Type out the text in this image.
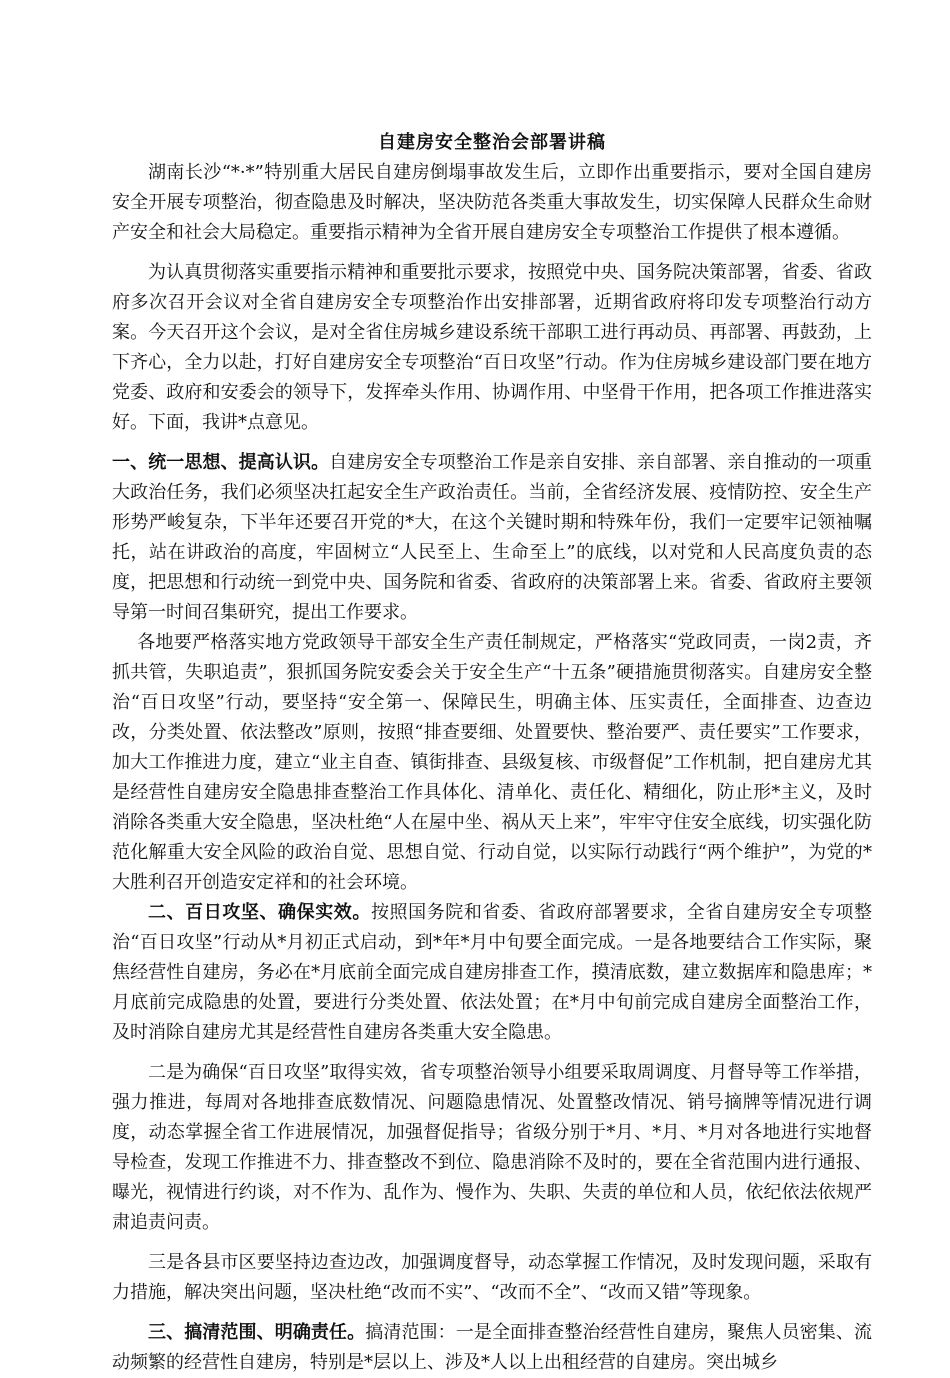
自建房安全整治会部署讲稿

湖南长沙“*·*”特别重大居民自建房倒塌事故发生后，立即作出重要指示，要对全国自建房安全开展专项整治，彻查隐患及时解决，坚决防范各类重大事故发生，切实保障人民群众生命财产安全和社会大局稳定。重要指示精神为全省开展自建房安全专项整治工作提供了根本遵循。

为认真贯彻落实重要指示精神和重要批示要求，按照党中央、国务院决策部署，省委、省政府多次召开会议对全省自建房安全专项整治作出安排部署，近期省政府将印发专项整治行动方案。今天召开这个会议，是对全省住房城乡建设系统干部职工进行再动员、再部署、再鼓劲，上下齐心，全力以赴，打好自建房安全专项整治“百日攻坚”行动。作为住房城乡建设部门要在地方党委、政府和安委会的领导下，发挥牵头作用、协调作用、中坚骨干作用，把各项工作推进落实好。下面，我讲*点意见。

一、统一思想、提高认识。自建房安全专项整治工作是亲自安排、亲自部署、亲自推动的一项重大政治任务，我们必须坚决扛起安全生产政治责任。当前，全省经济发展、疫情防控、安全生产形势严峻复杂，下半年还要召开党的*大，在这个关键时期和特殊年份，我们一定要牢记领袖嘱托，站在讲政治的高度，牢固树立“人民至上、生命至上”的底线，以对党和人民高度负责的态度，把思想和行动统一到党中央、国务院和省委、省政府的决策部署上来。省委、省政府主要领导第一时间召集研究，提出工作要求。

各地要严格落实地方党政领导干部安全生产责任制规定，严格落实“党政同责，一岗2责，齐抓共管，失职追责”，狠抓国务院安委会关于安全生产“十五条”硬措施贯彻落实。自建房安全整治“百日攻坚”行动，要坚持“安全第一、保障民生，明确主体、压实责任，全面排查、边查边改，分类处置、依法整改”原则，按照“排查要细、处置要快、整治要严、责任要实”工作要求，加大工作推进力度，建立“业主自查、镇街排查、县级复核、市级督促”工作机制，把自建房尤其是经营性自建房安全隐患排查整治工作具体化、清单化、责任化、精细化，防止形*主义，及时消除各类重大安全隐患，坚决杜绝“人在屋中坐、祸从天上来”，牢牢守住安全底线，切实强化防范化解重大安全风险的政治自觉、思想自觉、行动自觉，以实际行动践行“两个维护”，为党的*大胜利召开创造安定祥和的社会环境。

二、百日攻坚、确保实效。按照国务院和省委、省政府部署要求，全省自建房安全专项整治“百日攻坚”行动从*月初正式启动，到*年*月中旬要全面完成。一是各地要结合工作实际，聚焦经营性自建房，务必在*月底前全面完成自建房排查工作，摸清底数，建立数据库和隐患库；*月底前完成隐患的处置，要进行分类处置、依法处置；在*月中旬前完成自建房全面整治工作，及时消除自建房尤其是经营性自建房各类重大安全隐患。

二是为确保“百日攻坚”取得实效，省专项整治领导小组要采取周调度、月督导等工作举措，强力推进，每周对各地排查底数情况、问题隐患情况、处置整改情况、销号摘牌等情况进行调度，动态掌握全省工作进展情况，加强督促指导；省级分别于*月、*月、*月对各地进行实地督导检查，发现工作推进不力、排查整改不到位、隐患消除不及时的，要在全省范围内进行通报、曝光，视情进行约谈，对不作为、乱作为、慢作为、失职、失责的单位和人员，依纪依法依规严肃追责问责。

三是各县市区要坚持边查边改，加强调度督导，动态掌握工作情况，及时发现问题，采取有力措施，解决突出问题，坚决杜绝“改而不实”、“改而不全”、“改而又错”等现象。

三、搞清范围、明确责任。搞清范围：一是全面排查整治经营性自建房，聚焦人员密集、流动频繁的经营性自建房，特别是*层以上、涉及*人以上出租经营的自建房。突出城乡
